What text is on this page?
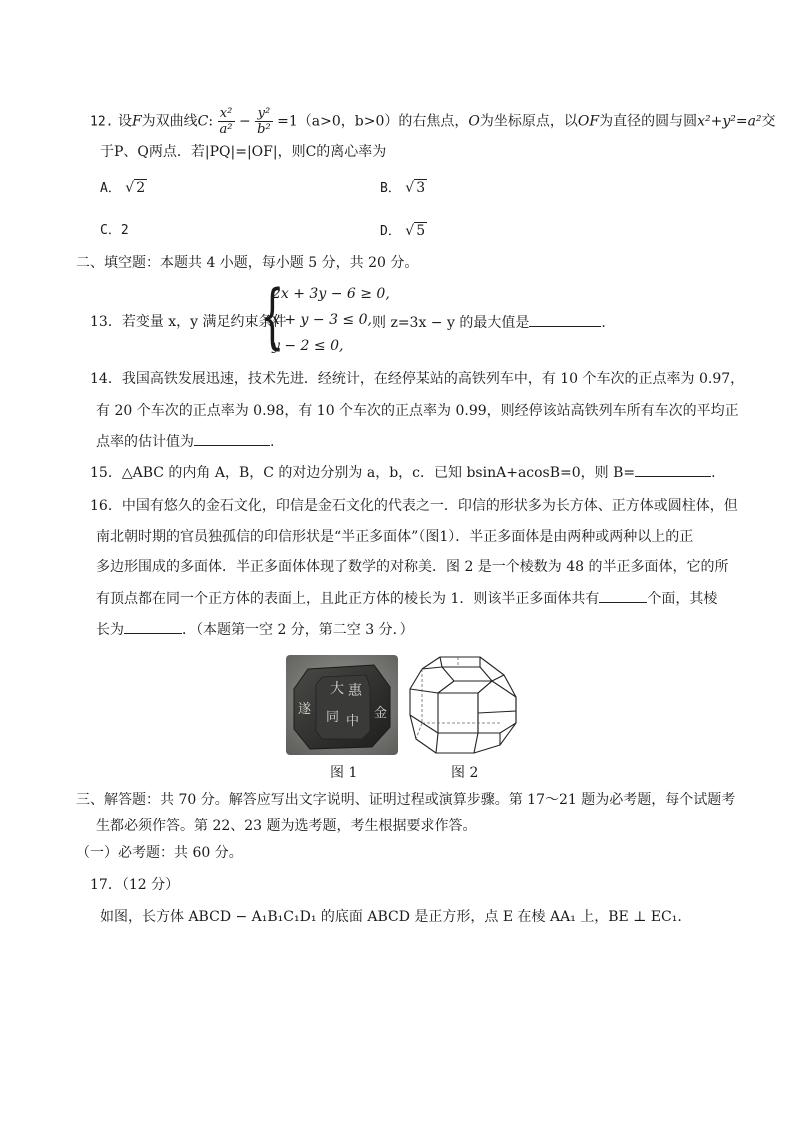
12. 设F为双曲线C: $\frac{\text{x²}}{\text{a²}} - \frac{\text{y²}}{\text{b²}} =1(a>0$，b>0）的右焦点，O为坐标原点，以OF为直径的圆与圆x²+y²=a²交
于P、Q两点．若|PQ|=|OF|，则C的离心率为
A． √ 2	B． √ 3
C．2	D． √ 5
二、填空题：本题共 4 小题，每小题 5 分，共 20 分。
13．若变量 x，y 满足约束条件
{
2x + 3y − 6 ≥ 0,
x + y − 3 ≤ 0,
y − 2 ≤ 0,
则 z=3x − y 的最大值是	.
14．我国高铁发展迅速，技术先进．经统计，在经停某站的高铁列车中，有 10 个车次的正点率为 0.97，
有 20 个车次的正点率为 0.98，有 10 个车次的正点率为 0.99，则经停该站高铁列车所有车次的平均正
点率的估计值为	.
15．△ABC 的内角 A，B，C 的对边分别为 a，b，c．已知 bsinA+acosB=0，则 B=	.
16．中国有悠久的金石文化，印信是金石文化的代表之一．印信的形状多为长方体、正方体或圆柱体，但
南北朝时期的官员独孤信的印信形状是“半正多面体”（图1）．半正多面体是由两种或两种以上的正
多边形围成的多面体．半正多面体体现了数学的对称美．图 2 是一个棱数为 48 的半正多面体，它的所
有顶点都在同一个正方体的表面上，且此正方体的棱长为 1．则该半正多面体共有	个面，其棱
长为	．（本题第一空 2 分，第二空 3 分．）
大 惠
金
遂
同 中
图 1	图 2
三、解答题：共 70 分。解答应写出文字说明、证明过程或演算步骤。第 17～21 题为必考题，每个试题考
生都必须作答。第 22、23 题为选考题，考生根据要求作答。
（一）必考题：共 60 分。
17．（12 分）
如图，长方体 ABCD − A₁B₁C₁D₁ 的底面 ABCD 是正方形，点 E 在棱 AA₁ 上，BE ⊥ EC₁.
